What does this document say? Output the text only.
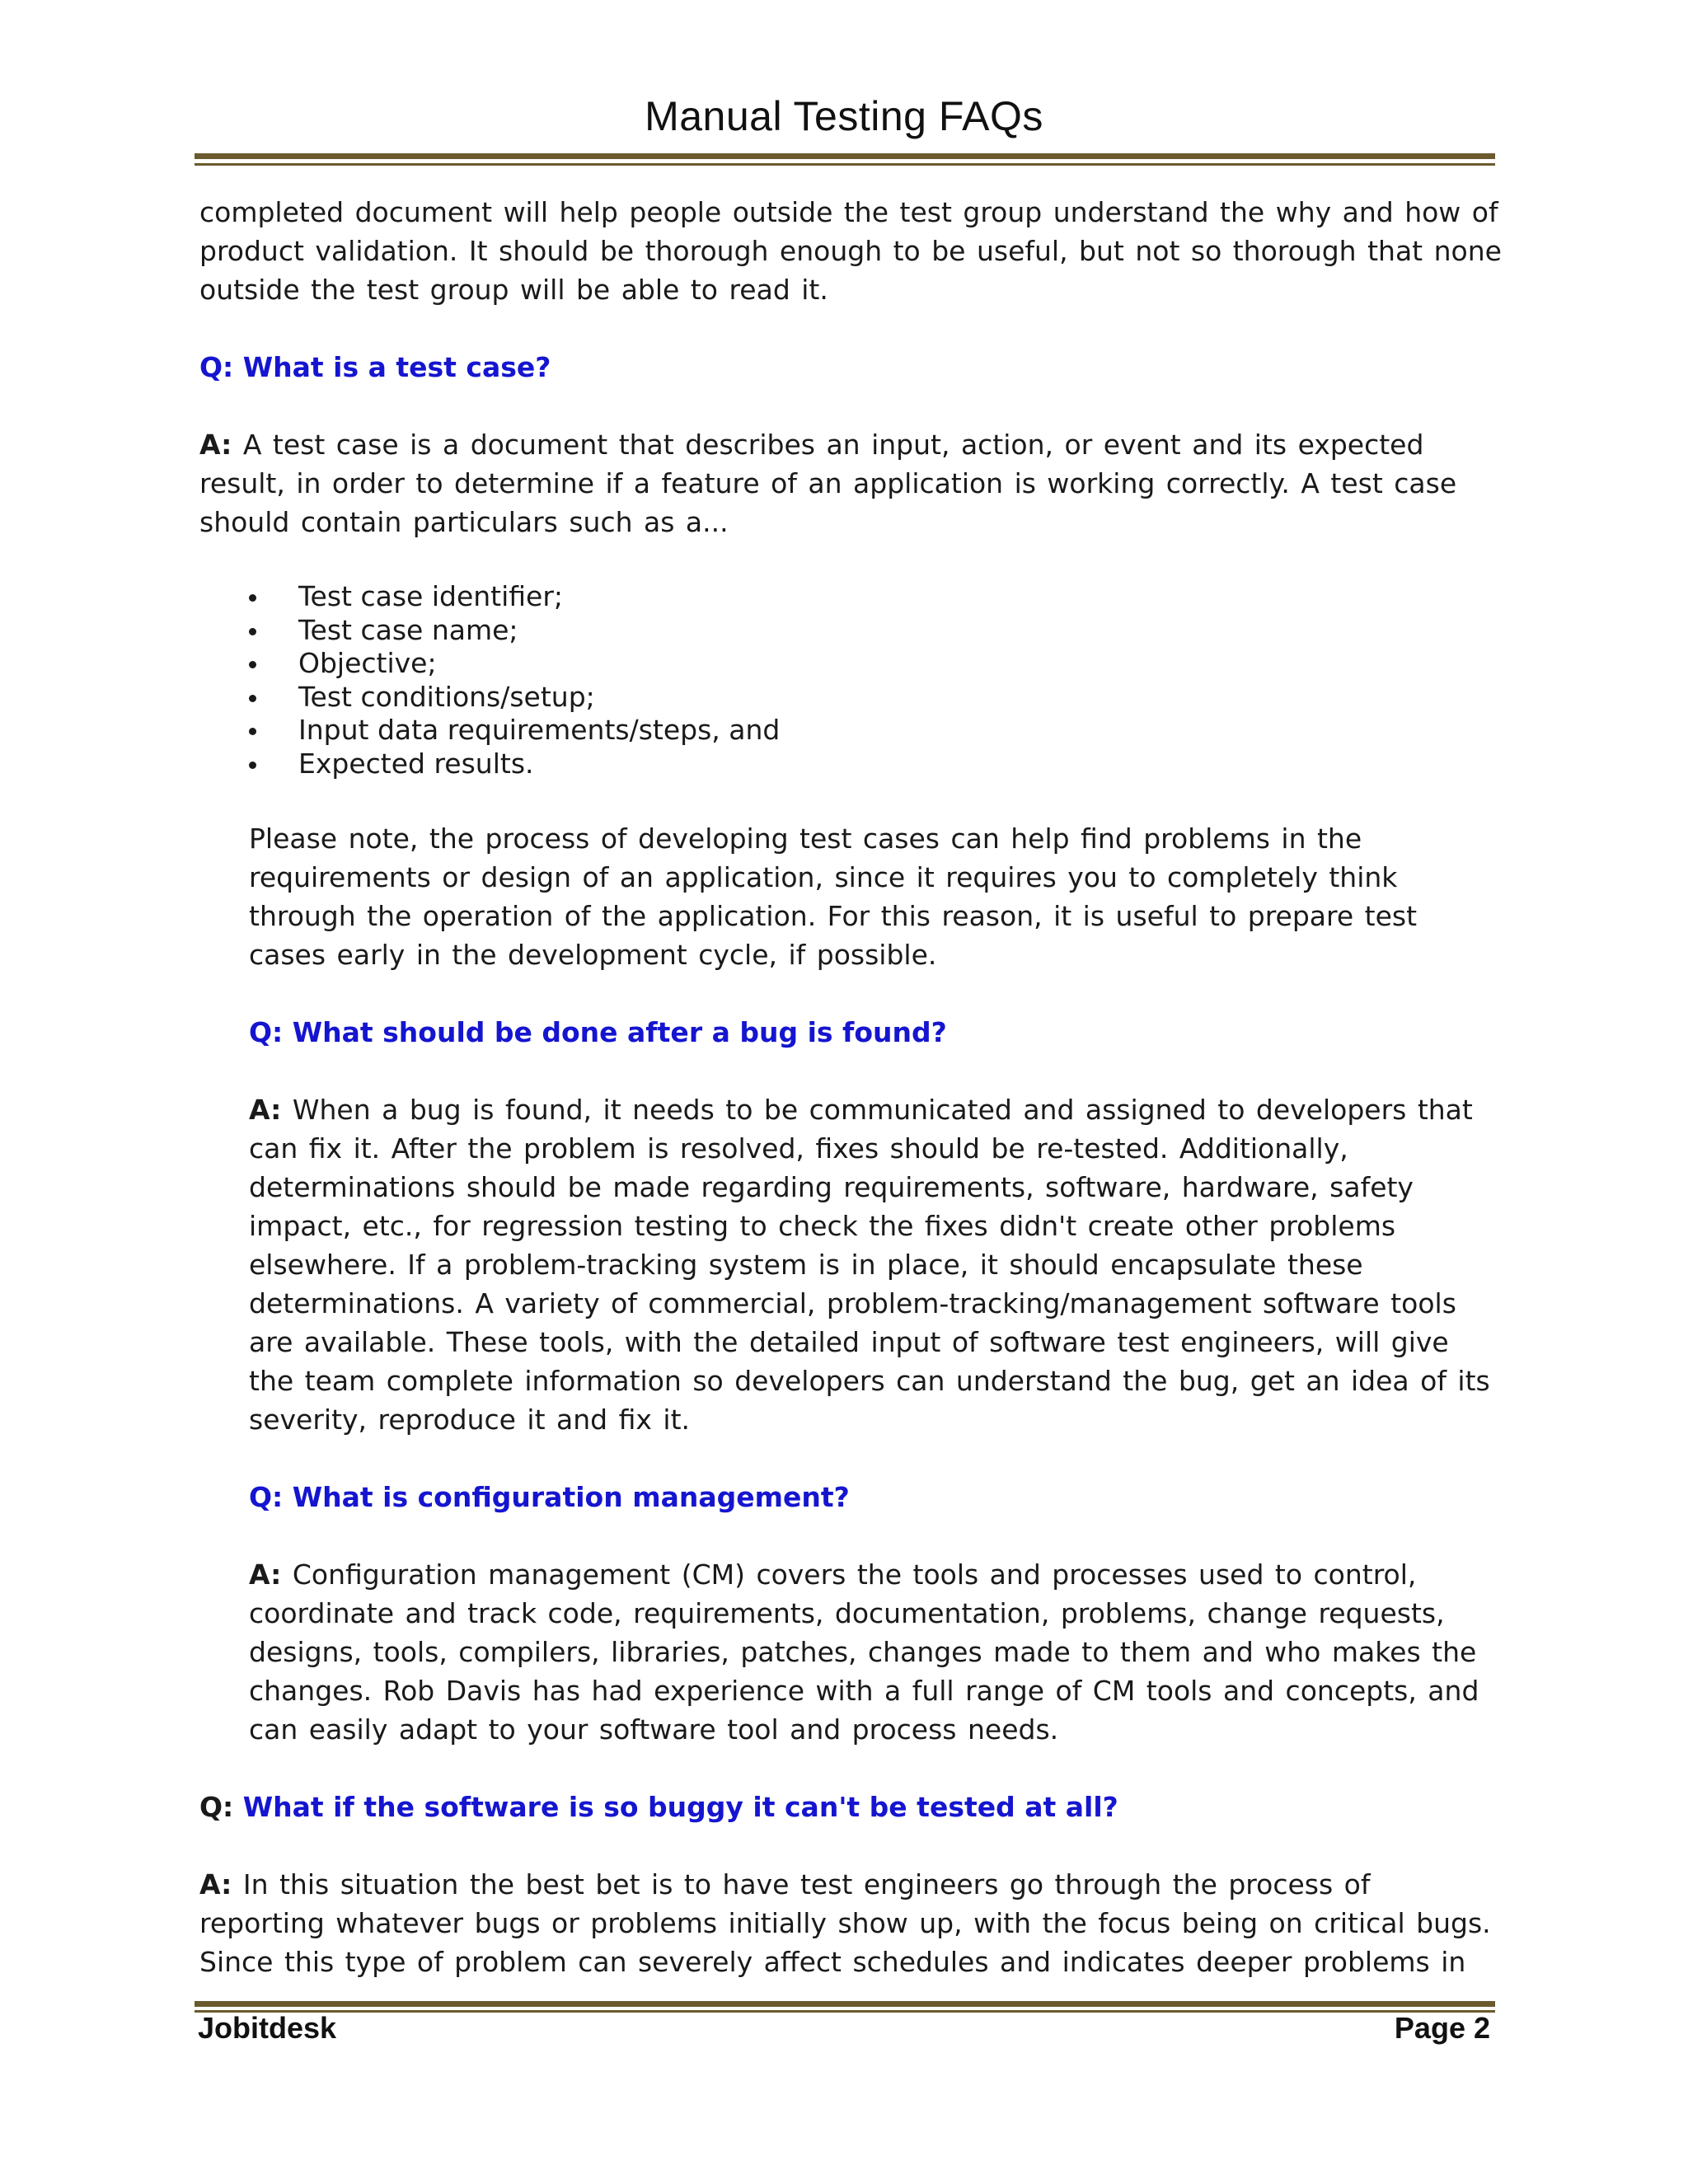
Manual Testing FAQs

completed document will help people outside the test group understand the why and how of product validation. It should be thorough enough to be useful, but not so thorough that none outside the test group will be able to read it.

Q: What is a test case?

A: A test case is a document that describes an input, action, or event and its expected result, in order to determine if a feature of an application is working correctly. A test case should contain particulars such as a...

Test case identifier;
Test case name;
Objective;
Test conditions/setup;
Input data requirements/steps, and
Expected results.

Please note, the process of developing test cases can help find problems in the requirements or design of an application, since it requires you to completely think through the operation of the application. For this reason, it is useful to prepare test cases early in the development cycle, if possible.

Q: What should be done after a bug is found?

A: When a bug is found, it needs to be communicated and assigned to developers that can fix it. After the problem is resolved, fixes should be re-tested. Additionally, determinations should be made regarding requirements, software, hardware, safety impact, etc., for regression testing to check the fixes didn't create other problems elsewhere. If a problem-tracking system is in place, it should encapsulate these determinations. A variety of commercial, problem-tracking/management software tools are available. These tools, with the detailed input of software test engineers, will give the team complete information so developers can understand the bug, get an idea of its severity, reproduce it and fix it.

Q: What is configuration management?

A: Configuration management (CM) covers the tools and processes used to control, coordinate and track code, requirements, documentation, problems, change requests, designs, tools, compilers, libraries, patches, changes made to them and who makes the changes. Rob Davis has had experience with a full range of CM tools and concepts, and can easily adapt to your software tool and process needs.

Q: What if the software is so buggy it can't be tested at all?

A: In this situation the best bet is to have test engineers go through the process of reporting whatever bugs or problems initially show up, with the focus being on critical bugs. Since this type of problem can severely affect schedules and indicates deeper problems in

Jobitdesk	Page 2
